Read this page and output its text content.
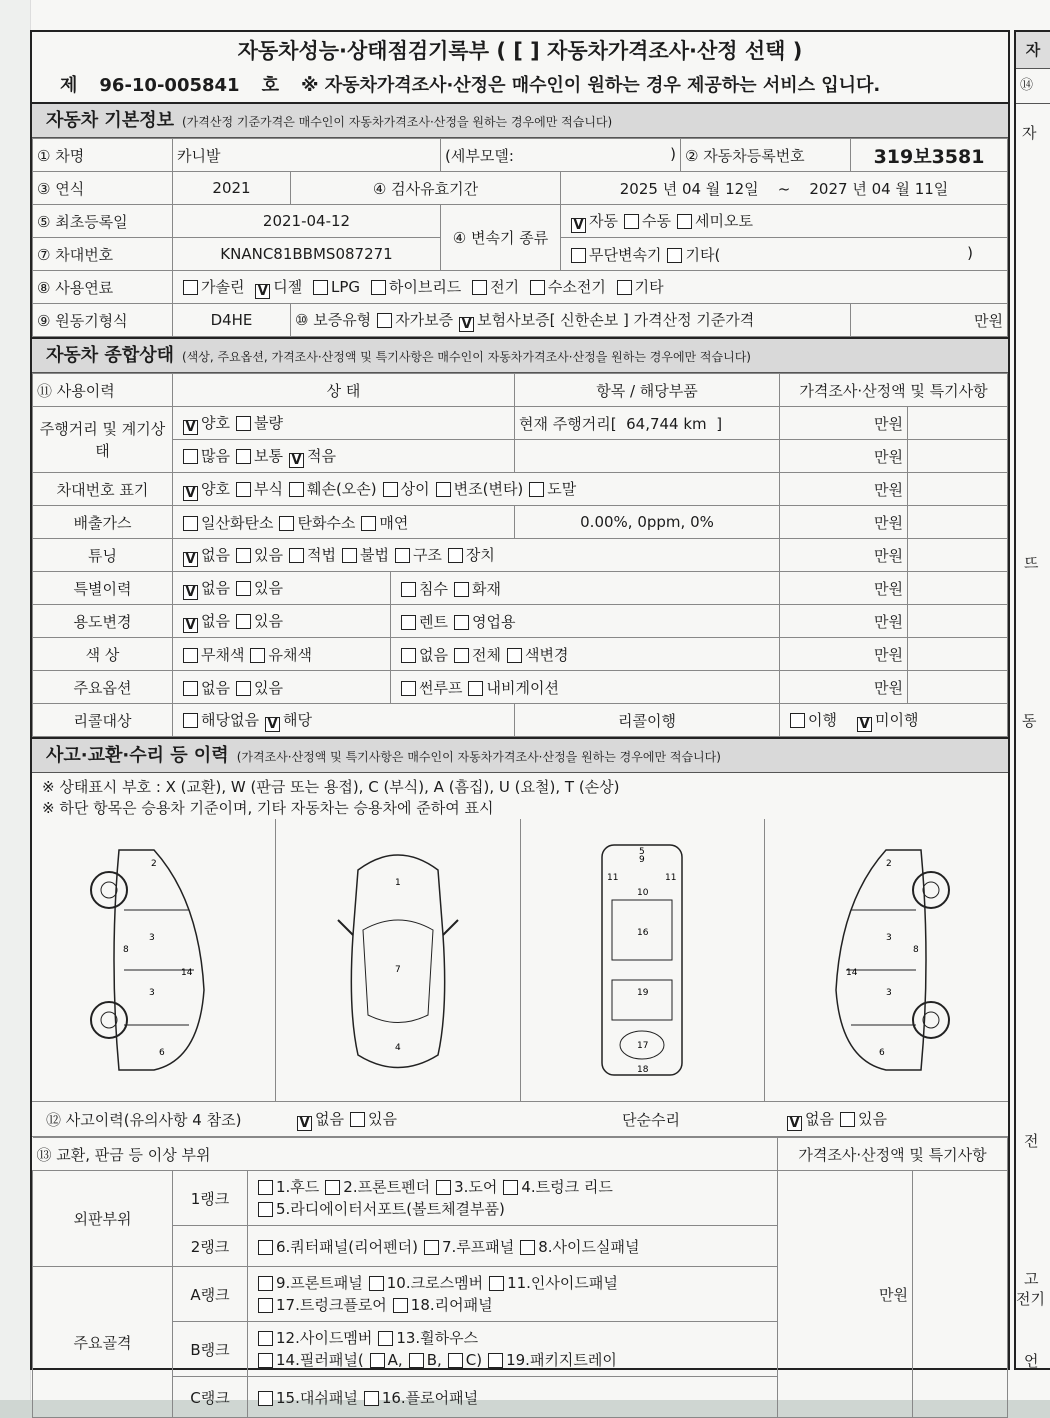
자동차성능·상태점검기록부 ( [ ] 자동차가격조사·산정 선택 )
제	96-10-005841	호	※ 자동차가격조사·산정은 매수인이 원하는 경우 제공하는 서비스 입니다.
자동차 기본정보 (가격산정 기준가격은 매수인이 자동차가격조사·산정을 원하는 경우에만 적습니다)
① 차명	카니발		(세부모델: )		② 자동차등록번호	319보3581
③ 연식	2021	④ 검사유효기간		2025 년 04 월 12일 ~ 2027 년 04 월 11일		
⑤ 최초등록일	2021-04-12		④ 변속기 종류	V 자동 수동 세미오토		
⑦ 차대번호	KNANC81BBMS087271			무단변속기 기타( )		

⑧ 사용연료	가솔린 V 디젤 LPG 하이브리드 전기 수소전기 기타					
⑨ 원동기형식	D4HE	⑩ 보증유형 자가보증 V 보험사보증[ 신한손보 ] 가격산정 기준가격				만원
자동차 종합상태 (색상, 주요옵션, 가격조사·산정액 및 특기사항은 매수인이 자동차가격조사·산정을 원하는 경우에만 적습니다)
⑪ 사용이력	상 태		항목 / 해당부품	가격조사·산정액 및 특기사항	
주행거리 및 계기상태	V 양호 불량		현재 주행거리[ 64,744 km ]	만원	
	많음 보통 V 적음			만원	
차대번호 표기	V 양호 부식 훼손(오손) 상이 변조(변타) 도말			만원	
배출가스	일산화탄소 탄화수소 매연		0.00%, 0ppm, 0%	만원	
튜닝	V 없음 있음 적법 불법 구조 장치			만원	
특별이력	V 없음 있음	침수 화재		만원	
용도변경	V 없음 있음	렌트 영업용		만원	
색 상	무채색 유채색	없음 전체 색변경		만원	
주요옵션	없음 있음	썬루프 내비게이션		만원	
리콜대상	해당없음 V 해당		리콜이행	이행 V 미이행	
사고·교환·수리 등 이력 (가격조사·산정액 및 특기사항은 매수인이 자동차가격조사·산정을 원하는 경우에만 적습니다)
※ 상태표시 부호 : X (교환), W (판금 또는 용접), C (부식), A (흠집), U (요철), T (손상)
※ 하단 항목은 승용차 기준이며, 기타 자동차는 승용차에 준하여 표시
2
3
3
8
14
6
1
7
4
5
9
11	11
10
16
19
17
18
2
3
3
8
14
6
⑫ 사고이력(유의사항 4 참조)	V 없음 있음	단순수리	V 없음 있음
⑬ 교환, 판금 등 이상 부위			가격조사·산정액 및 특기사항	
외판부위	1랭크	1.후드 2.프론트펜더 3.도어 4.트렁크 리드
5.라디에이터서포트(볼트체결부품)	만원	
	2랭크	6.쿼터패널(리어펜더) 7.루프패널 8.사이드실패널		
주요골격	A랭크	9.프론트패널 10.크로스멤버 11.인사이드패널
17.트렁크플로어 18.리어패널		

	B랭크	12.사이드멤버 13.휠하우스
14.필러패널( A, B, C) 19.패키지트레이		

	C랭크	15.대쉬패널 16.플로어패널		
자
⑭
자
뜨
동
전
고
전기
언
